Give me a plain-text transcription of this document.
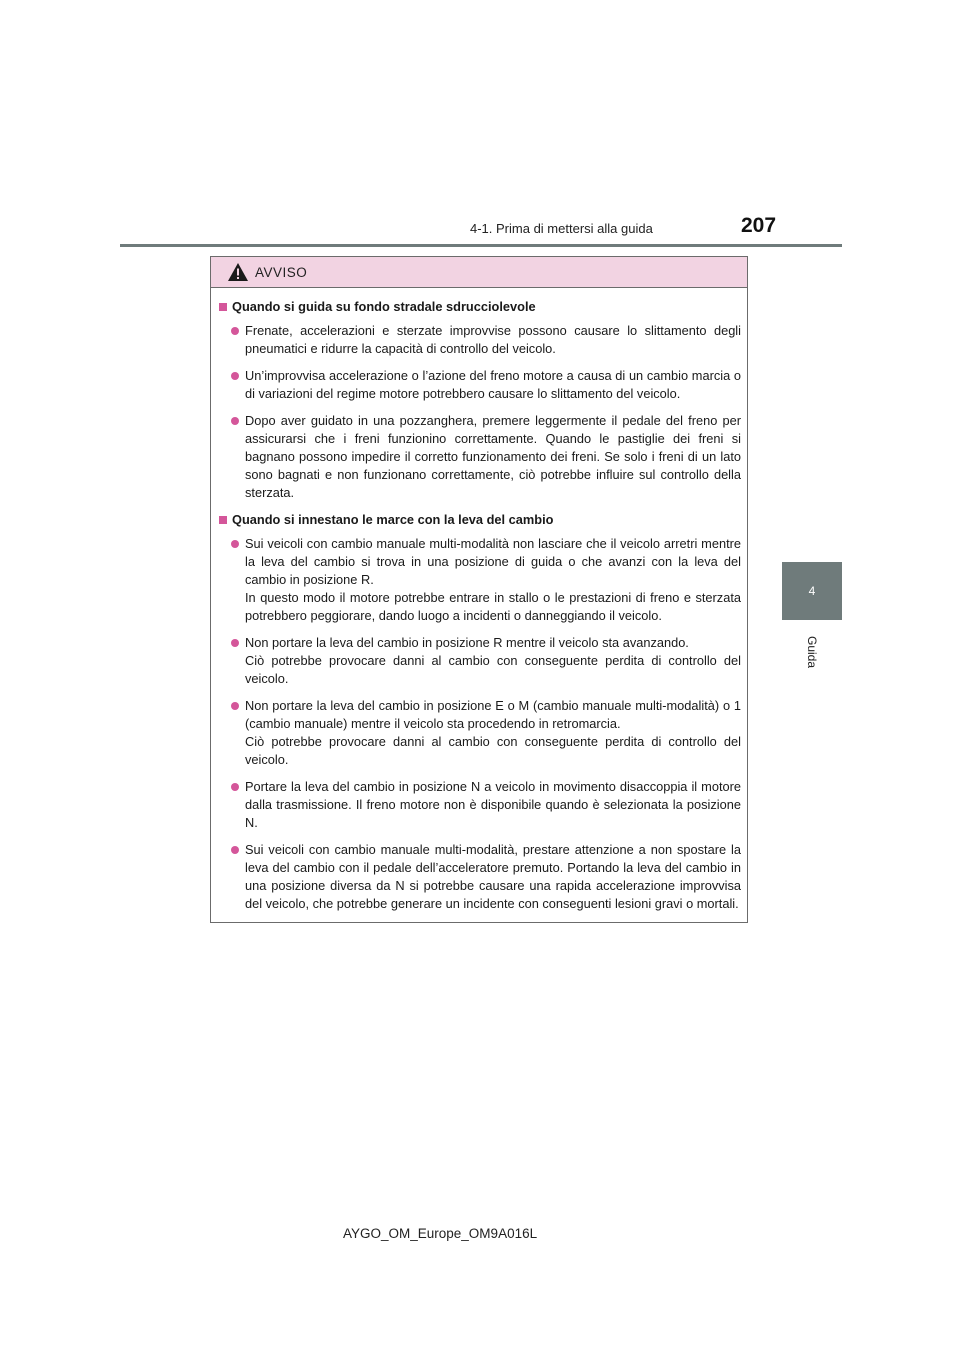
4-1. Prima di mettersi alla guida	207
4
Guida
AVVISO
Quando si guida su fondo stradale sdrucciolevole

Frenate, accelerazioni e sterzate improvvise possono causare lo slittamento degli pneumatici e ridurre la capacità di controllo del veicolo.

Un’improvvisa accelerazione o l’azione del freno motore a causa di un cambio marcia o di variazioni del regime motore potrebbero causare lo slittamento del veicolo.

Dopo aver guidato in una pozzanghera, premere leggermente il pedale del freno per assicurarsi che i freni funzionino correttamente. Quando le pastiglie dei freni si bagnano possono impedire il corretto funzionamento dei freni. Se solo i freni di un lato sono bagnati e non funzionano correttamente, ciò potrebbe influire sul controllo della sterzata.

Quando si innestano le marce con la leva del cambio

Sui veicoli con cambio manuale multi-modalità non lasciare che il veicolo arretri mentre la leva del cambio si trova in una posizione di guida o che avanzi con la leva del cambio in posizione R.

In questo modo il motore potrebbe entrare in stallo o le prestazioni di freno e sterzata potrebbero peggiorare, dando luogo a incidenti o danneggiando il veicolo.

Non portare la leva del cambio in posizione R mentre il veicolo sta avanzando.

Ciò potrebbe provocare danni al cambio con conseguente perdita di controllo del veicolo.

Non portare la leva del cambio in posizione E o M (cambio manuale multi-modalità) o 1 (cambio manuale) mentre il veicolo sta procedendo in retromarcia.

Ciò potrebbe provocare danni al cambio con conseguente perdita di controllo del veicolo.

Portare la leva del cambio in posizione N a veicolo in movimento disaccoppia il motore dalla trasmissione. Il freno motore non è disponibile quando è selezionata la posizione N.

Sui veicoli con cambio manuale multi-modalità, prestare attenzione a non spostare la leva del cambio con il pedale dell’acceleratore premuto. Portando la leva del cambio in una posizione diversa da N si potrebbe causare una rapida accelerazione improvvisa del veicolo, che potrebbe generare un incidente con conseguenti lesioni gravi o mortali.

AYGO_OM_Europe_OM9A016L
